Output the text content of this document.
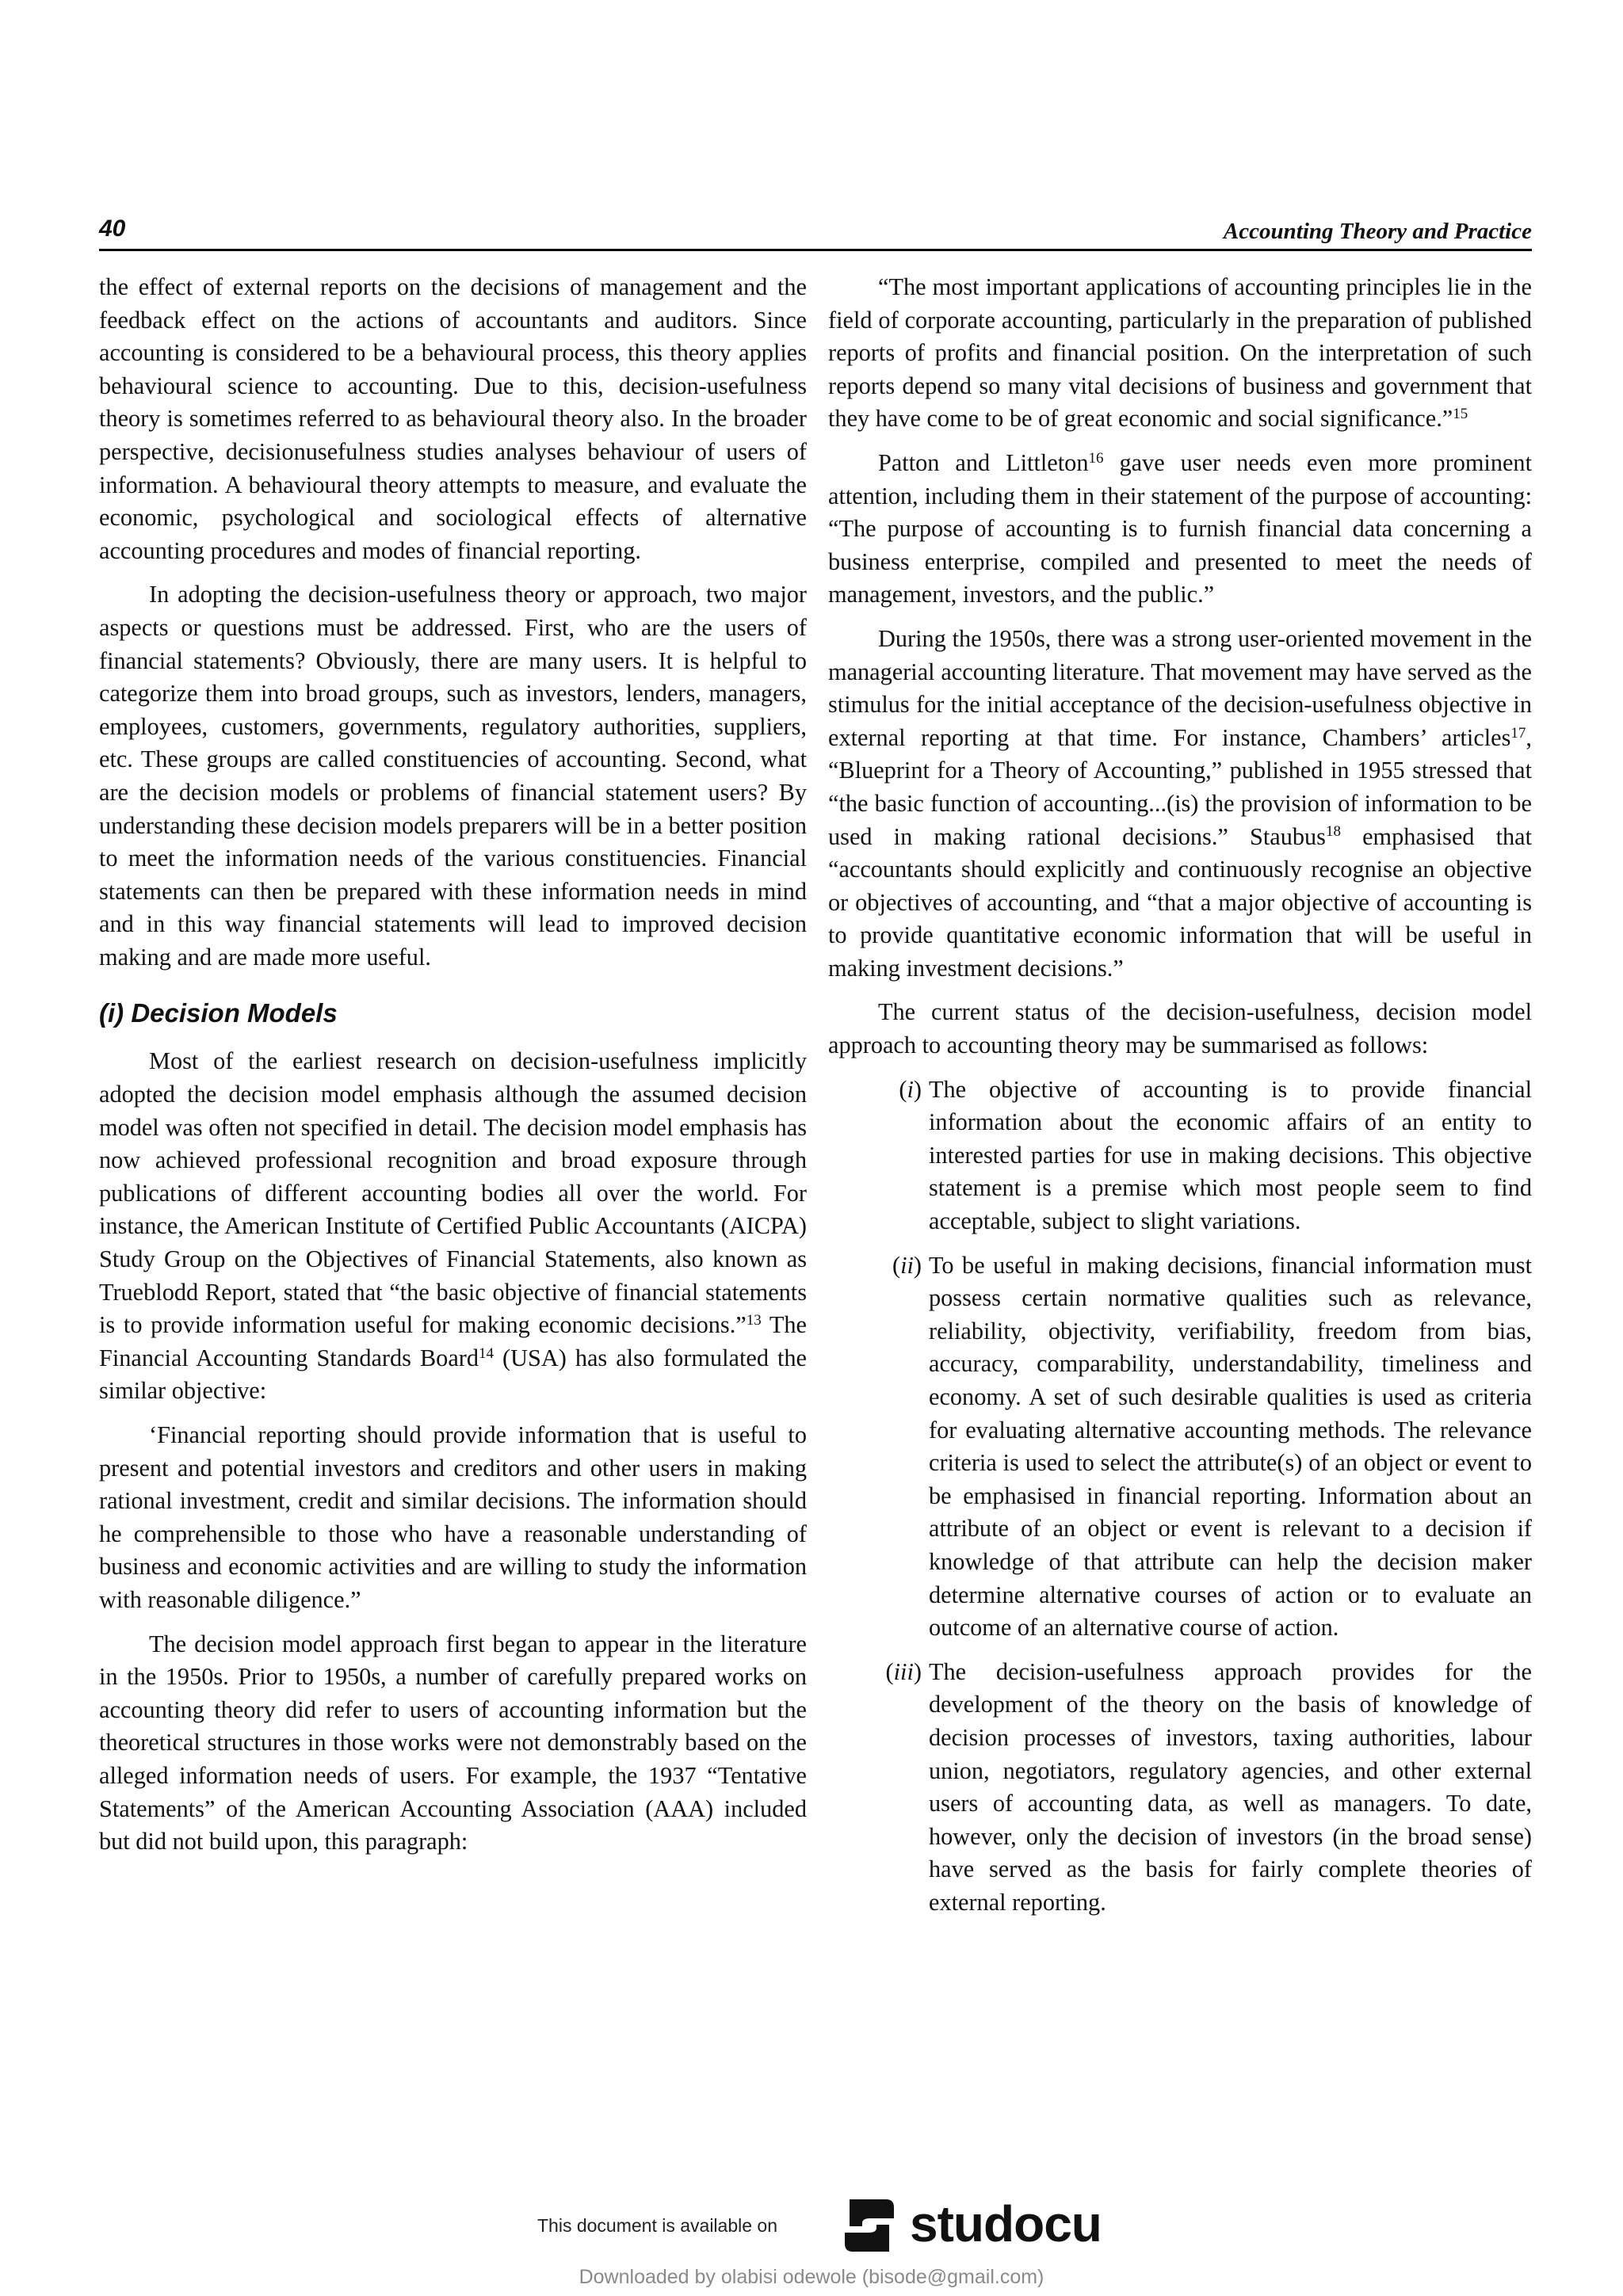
40	Accounting Theory and Practice

the effect of external reports on the decisions of management and the feedback effect on the actions of accountants and auditors. Since accounting is considered to be a behavioural process, this theory applies behavioural science to accounting. Due to this, decision-usefulness theory is sometimes referred to as behavioural theory also. In the broader perspective, decisionusefulness studies analyses behaviour of users of information. A behavioural theory attempts to measure, and evaluate the economic, psychological and sociological effects of alternative accounting procedures and modes of financial reporting.

In adopting the decision-usefulness theory or approach, two major aspects or questions must be addressed. First, who are the users of financial statements? Obviously, there are many users. It is helpful to categorize them into broad groups, such as investors, lenders, managers, employees, customers, governments, regulatory authorities, suppliers, etc. These groups are called constituencies of accounting. Second, what are the decision models or problems of financial statement users? By understanding these decision models preparers will be in a better position to meet the information needs of the various constituencies. Financial statements can then be prepared with these information needs in mind and in this way financial statements will lead to improved decision making and are made more useful.

(i) Decision Models

Most of the earliest research on decision-usefulness implicitly adopted the decision model emphasis although the assumed decision model was often not specified in detail. The decision model emphasis has now achieved professional recognition and broad exposure through publications of different accounting bodies all over the world. For instance, the American Institute of Certified Public Accountants (AICPA) Study Group on the Objectives of Financial Statements, also known as Trueblodd Report, stated that “the basic objective of financial statements is to provide information useful for making economic decisions.”$^{13}$ The Financial Accounting Standards Board$^{14}$ (USA) has also formulated the similar objective:

‘Financial reporting should provide information that is useful to present and potential investors and creditors and other users in making rational investment, credit and similar decisions. The information should he comprehensible to those who have a reasonable understanding of business and economic activities and are willing to study the information with reasonable diligence.”

The decision model approach first began to appear in the literature in the 1950s. Prior to 1950s, a number of carefully prepared works on accounting theory did refer to users of accounting information but the theoretical structures in those works were not demonstrably based on the alleged information needs of users. For example, the 1937 “Tentative Statements” of the American Accounting Association (AAA) included but did not build upon, this paragraph:

“The most important applications of accounting principles lie in the field of corporate accounting, particularly in the preparation of published reports of profits and financial position. On the interpretation of such reports depend so many vital decisions of business and government that they have come to be of great economic and social significance.”$^{15}$

Patton and Littleton$^{16}$ gave user needs even more prominent attention, including them in their statement of the purpose of accounting: “The purpose of accounting is to furnish financial data concerning a business enterprise, compiled and presented to meet the needs of management, investors, and the public.”

During the 1950s, there was a strong user-oriented movement in the managerial accounting literature. That movement may have served as the stimulus for the initial acceptance of the decision-usefulness objective in external reporting at that time. For instance, Chambers’ articles$^{17}$, “Blueprint for a Theory of Accounting,” published in 1955 stressed that “the basic function of accounting...(is) the provision of information to be used in making rational decisions.” Staubus$^{18}$ emphasised that “accountants should explicitly and continuously recognise an objective or objectives of accounting, and “that a major objective of accounting is to provide quantitative economic information that will be useful in making investment decisions.”

The current status of the decision-usefulness, decision model approach to accounting theory may be summarised as follows:

(i) The objective of accounting is to provide financial information about the economic affairs of an entity to interested parties for use in making decisions. This objective statement is a premise which most people seem to find acceptable, subject to slight variations.
(ii) To be useful in making decisions, financial information must possess certain normative qualities such as relevance, reliability, objectivity, verifiability, freedom from bias, accuracy, comparability, understandability, timeliness and economy. A set of such desirable qualities is used as criteria for evaluating alternative accounting methods. The relevance criteria is used to select the attribute(s) of an object or event to be emphasised in financial reporting. Information about an attribute of an object or event is relevant to a decision if knowledge of that attribute can help the decision maker determine alternative courses of action or to evaluate an outcome of an alternative course of action.
(iii) The decision-usefulness approach provides for the development of the theory on the basis of knowledge of decision processes of investors, taxing authorities, labour union, negotiators, regulatory agencies, and other external users of accounting data, as well as managers. To date, however, only the decision of investors (in the broad sense) have served as the basis for fairly complete theories of external reporting.
This document is available on	studocu
Downloaded by olabisi odewole (bisode@gmail.com)
